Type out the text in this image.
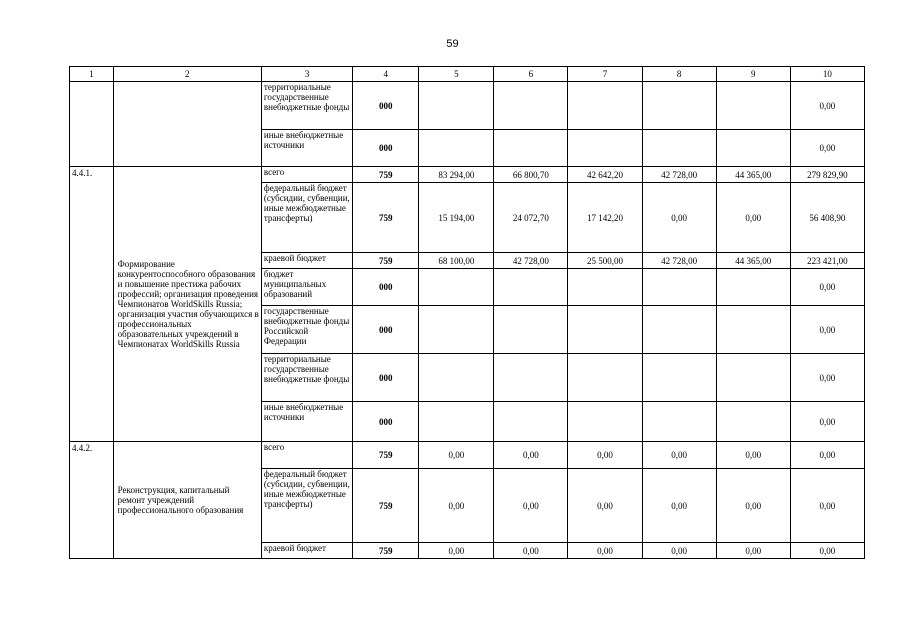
59
1	2	3	4	5	6	7	8	9	10
		территориальные государственные внебюджетные фонды	000						0,00
		иные внебюджетные источники	000						0,00
4.4.1.	Формирование конкурентоспособного образования и повышение престижа рабочих профессий; организация проведения Чемпионатов WorldSkills Russia; организация участия обучающихся в профессиональных образовательных учреждений в Чемпионатах WorldSkills Russia	всего	759	83 294,00	66 800,70	42 642,20	42 728,00	44 365,00	279 829,90
		федеральный бюджет (субсидии, субвенции, иные межбюджетные трансферты)	759	15 194,00	24 072,70	17 142,20	0,00	0,00	56 408,90
		краевой бюджет	759	68 100,00	42 728,00	25 500,00	42 728,00	44 365,00	223 421,00
		бюджет муниципальных образований	000						0,00
		государственные внебюджетные фонды Российской Федерации	000						0,00
		территориальные государственные внебюджетные фонды	000						0,00
		иные внебюджетные источники	000						0,00
4.4.2.	Реконструкция, капитальный ремонт учреждений профессионального образования	всего	759	0,00	0,00	0,00	0,00	0,00	0,00
		федеральный бюджет (субсидии, субвенции, иные межбюджетные трансферты)	759	0,00	0,00	0,00	0,00	0,00	0,00
		краевой бюджет	759	0,00	0,00	0,00	0,00	0,00	0,00
